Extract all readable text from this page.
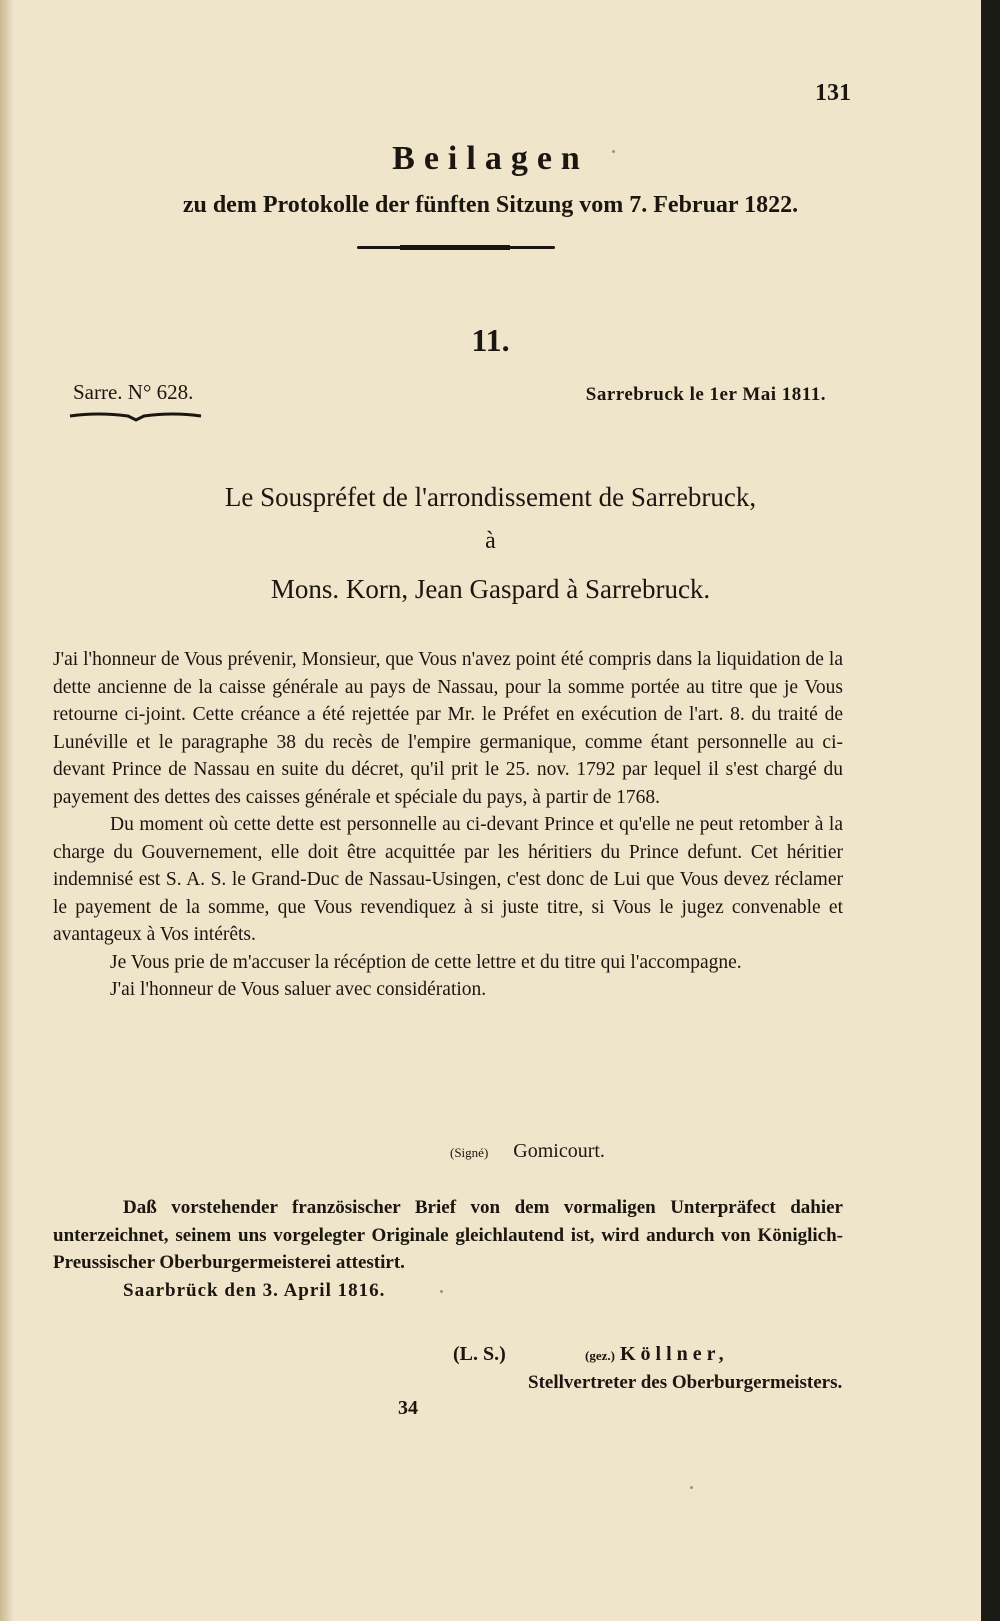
131
Beilagen
zu dem Protokolle der fünften Sitzung vom 7. Februar 1822.
11.
Sarre. N° 628.	Sarrebruck le 1er Mai 1811.
Le Souspréfet de l'arrondissement de Sarrebruck,
à
Mons. Korn, Jean Gaspard à Sarrebruck.

J'ai l'honneur de Vous prévenir, Monsieur, que Vous n'avez point été compris dans la liquidation de la dette ancienne de la caisse générale au pays de Nassau, pour la somme portée au titre que je Vous retourne ci-joint. Cette créance a été rejettée par Mr. le Préfet en exécution de l'art. 8. du traité de Lunéville et le paragraphe 38 du recès de l'empire germanique, comme étant personnelle au ci-devant Prince de Nassau en suite du décret, qu'il prit le 25. nov. 1792 par lequel il s'est chargé du payement des dettes des caisses générale et spéciale du pays, à partir de 1768.

Du moment où cette dette est personnelle au ci-devant Prince et qu'elle ne peut retomber à la charge du Gouvernement, elle doit être acquittée par les héritiers du Prince defunt. Cet héritier indemnisé est S. A. S. le Grand-Duc de Nassau-Usingen, c'est donc de Lui que Vous devez réclamer le payement de la somme, que Vous revendiquez à si juste titre, si Vous le jugez convenable et avantageux à Vos intérêts.

Je Vous prie de m'accuser la récéption de cette lettre et du titre qui l'accompagne.

J'ai l'honneur de Vous saluer avec considération.

(Signé) Gomicourt.

Daß vorstehender französischer Brief von dem vormaligen Unterpräfect dahier unterzeichnet, seinem uns vorgelegter Originale gleichlautend ist, wird andurch von Königlich-Preussischer Oberburgermeisterei attestirt.

Saarbrück den 3. April 1816.

(L. S.)	(gez.) Köllner,
Stellvertreter des Oberburgermeisters.
34
